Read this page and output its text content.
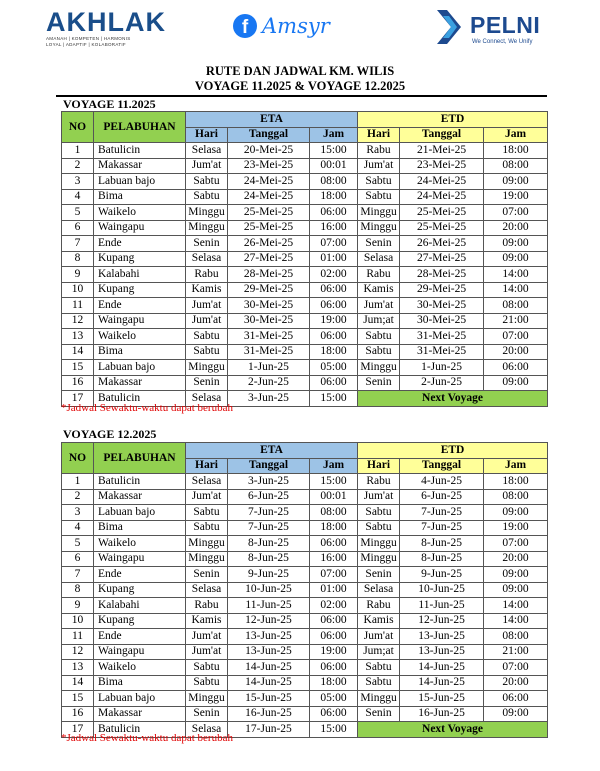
AKHLAK
AMANAH | KOMPETEN | HARMONIS
LOYAL | ADAPTIF | KOLABORATIF
f Amsyr	PELNI
We Connect, We Unify
RUTE DAN JADWAL KM. WILIS
VOYAGE 11.2025 & VOYAGE 12.2025
VOYAGE 11.2025
NO	PELABUHAN	ETA			ETD		
		Hari	Tanggal	Jam	Hari	Tanggal	Jam
1	Batulicin	Selasa	20-Mei-25	15:00	Rabu	21-Mei-25	18:00
2	Makassar	Jum'at	23-Mei-25	00:01	Jum'at	23-Mei-25	08:00
3	Labuan bajo	Sabtu	24-Mei-25	08:00	Sabtu	24-Mei-25	09:00
4	Bima	Sabtu	24-Mei-25	18:00	Sabtu	24-Mei-25	19:00
5	Waikelo	Minggu	25-Mei-25	06:00	Minggu	25-Mei-25	07:00
6	Waingapu	Minggu	25-Mei-25	16:00	Minggu	25-Mei-25	20:00
7	Ende	Senin	26-Mei-25	07:00	Senin	26-Mei-25	09:00
8	Kupang	Selasa	27-Mei-25	01:00	Selasa	27-Mei-25	09:00
9	Kalabahi	Rabu	28-Mei-25	02:00	Rabu	28-Mei-25	14:00
10	Kupang	Kamis	29-Mei-25	06:00	Kamis	29-Mei-25	14:00
11	Ende	Jum'at	30-Mei-25	06:00	Jum'at	30-Mei-25	08:00
12	Waingapu	Jum'at	30-Mei-25	19:00	Jum;at	30-Mei-25	21:00
13	Waikelo	Sabtu	31-Mei-25	06:00	Sabtu	31-Mei-25	07:00
14	Bima	Sabtu	31-Mei-25	18:00	Sabtu	31-Mei-25	20:00
15	Labuan bajo	Minggu	1-Jun-25	05:00	Minggu	1-Jun-25	06:00
16	Makassar	Senin	2-Jun-25	06:00	Senin	2-Jun-25	09:00
17	Batulicin	Selasa	3-Jun-25	15:00	Next Voyage		
*Jadwal Sewaktu-waktu dapat berubah
VOYAGE 12.2025
NO	PELABUHAN	ETA			ETD		
		Hari	Tanggal	Jam	Hari	Tanggal	Jam
1	Batulicin	Selasa	3-Jun-25	15:00	Rabu	4-Jun-25	18:00
2	Makassar	Jum'at	6-Jun-25	00:01	Jum'at	6-Jun-25	08:00
3	Labuan bajo	Sabtu	7-Jun-25	08:00	Sabtu	7-Jun-25	09:00
4	Bima	Sabtu	7-Jun-25	18:00	Sabtu	7-Jun-25	19:00
5	Waikelo	Minggu	8-Jun-25	06:00	Minggu	8-Jun-25	07:00
6	Waingapu	Minggu	8-Jun-25	16:00	Minggu	8-Jun-25	20:00
7	Ende	Senin	9-Jun-25	07:00	Senin	9-Jun-25	09:00
8	Kupang	Selasa	10-Jun-25	01:00	Selasa	10-Jun-25	09:00
9	Kalabahi	Rabu	11-Jun-25	02:00	Rabu	11-Jun-25	14:00
10	Kupang	Kamis	12-Jun-25	06:00	Kamis	12-Jun-25	14:00
11	Ende	Jum'at	13-Jun-25	06:00	Jum'at	13-Jun-25	08:00
12	Waingapu	Jum'at	13-Jun-25	19:00	Jum;at	13-Jun-25	21:00
13	Waikelo	Sabtu	14-Jun-25	06:00	Sabtu	14-Jun-25	07:00
14	Bima	Sabtu	14-Jun-25	18:00	Sabtu	14-Jun-25	20:00
15	Labuan bajo	Minggu	15-Jun-25	05:00	Minggu	15-Jun-25	06:00
16	Makassar	Senin	16-Jun-25	06:00	Senin	16-Jun-25	09:00
17	Batulicin	Selasa	17-Jun-25	15:00	Next Voyage		
*Jadwal Sewaktu-waktu dapat berubah
